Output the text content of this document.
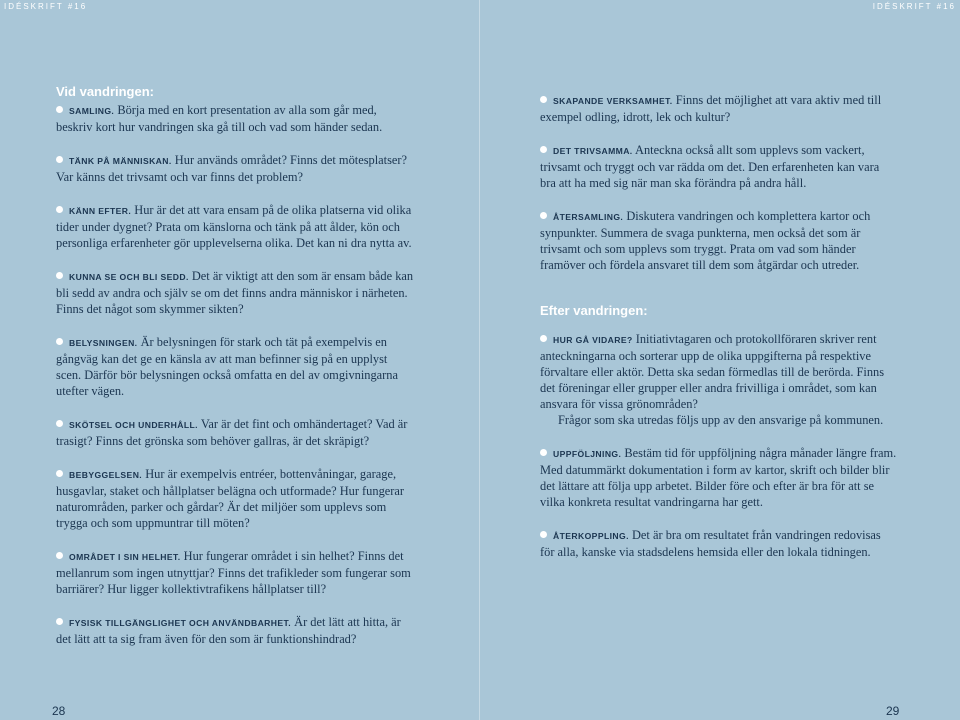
IDÉSKRIFT #16	IDÉSKRIFT #16
Vid vandringen:

SAMLING. Börja med en kort presentation av alla som går med, beskriv kort hur vandringen ska gå till och vad som händer sedan.

TÄNK PÅ MÄNNISKAN. Hur används området? Finns det mötesplatser? Var känns det trivsamt och var finns det problem?

KÄNN EFTER. Hur är det att vara ensam på de olika platserna vid olika tider under dygnet? Prata om känslorna och tänk på att ålder, kön och personliga erfarenheter gör upplevelserna olika. Det kan ni dra nytta av.

KUNNA SE OCH BLI SEDD. Det är viktigt att den som är ensam både kan bli sedd av andra och själv se om det finns andra människor i närheten. Finns det något som skymmer sikten?

BELYSNINGEN. Är belysningen för stark och tät på exempelvis en gångväg kan det ge en känsla av att man befinner sig på en upplyst scen. Därför bör belysningen också omfatta en del av omgivningarna utefter vägen.

SKÖTSEL OCH UNDERHÅLL. Var är det fint och omhändertaget? Vad är trasigt? Finns det grönska som behöver gallras, är det skräpigt?

BEBYGGELSEN. Hur är exempelvis entréer, bottenvåningar, garage, husgavlar, staket och hållplatser belägna och utformade? Hur fungerar naturområden, parker och gårdar? Är det miljöer som upplevs som trygga och som uppmuntrar till möten?

OMRÅDET I SIN HELHET. Hur fungerar området i sin helhet? Finns det mellanrum som ingen utnyttjar? Finns det trafikleder som fungerar som barriärer? Hur ligger kollektivtrafikens hållplatser till?

FYSISK TILLGÄNGLIGHET OCH ANVÄNDBARHET. Är det lätt att hitta, är det lätt att ta sig fram även för den som är funktionshindrad?

SKAPANDE VERKSAMHET. Finns det möjlighet att vara aktiv med till exempel odling, idrott, lek och kultur?

DET TRIVSAMMA. Anteckna också allt som upplevs som vackert, trivsamt och tryggt och var rädda om det. Den erfarenheten kan vara bra att ha med sig när man ska förändra på andra håll.

ÅTERSAMLING. Diskutera vandringen och komplettera kartor och synpunkter. Summera de svaga punkterna, men också det som är trivsamt och som upplevs som tryggt. Prata om vad som händer framöver och fördela ansvaret till dem som åtgärdar och utreder.

Efter vandringen:

HUR GÅ VIDARE? Initiativtagaren och protokollföraren skriver rent anteckningarna och sorterar upp de olika uppgifterna på respektive förvaltare eller aktör. Detta ska sedan förmedlas till de berörda. Finns det föreningar eller grupper eller andra frivilliga i området, som kan ansvara för vissa grönområden?

Frågor som ska utredas följs upp av den ansvarige på kommunen.

UPPFÖLJNING. Bestäm tid för uppföljning några månader längre fram. Med datummärkt dokumentation i form av kartor, skrift och bilder blir det lättare att följa upp arbetet. Bilder före och efter är bra för att se vilka konkreta resultat vandringarna har gett.

ÅTERKOPPLING. Det är bra om resultatet från vandringen redovisas för alla, kanske via stadsdelens hemsida eller den lokala tidningen.

28	29
